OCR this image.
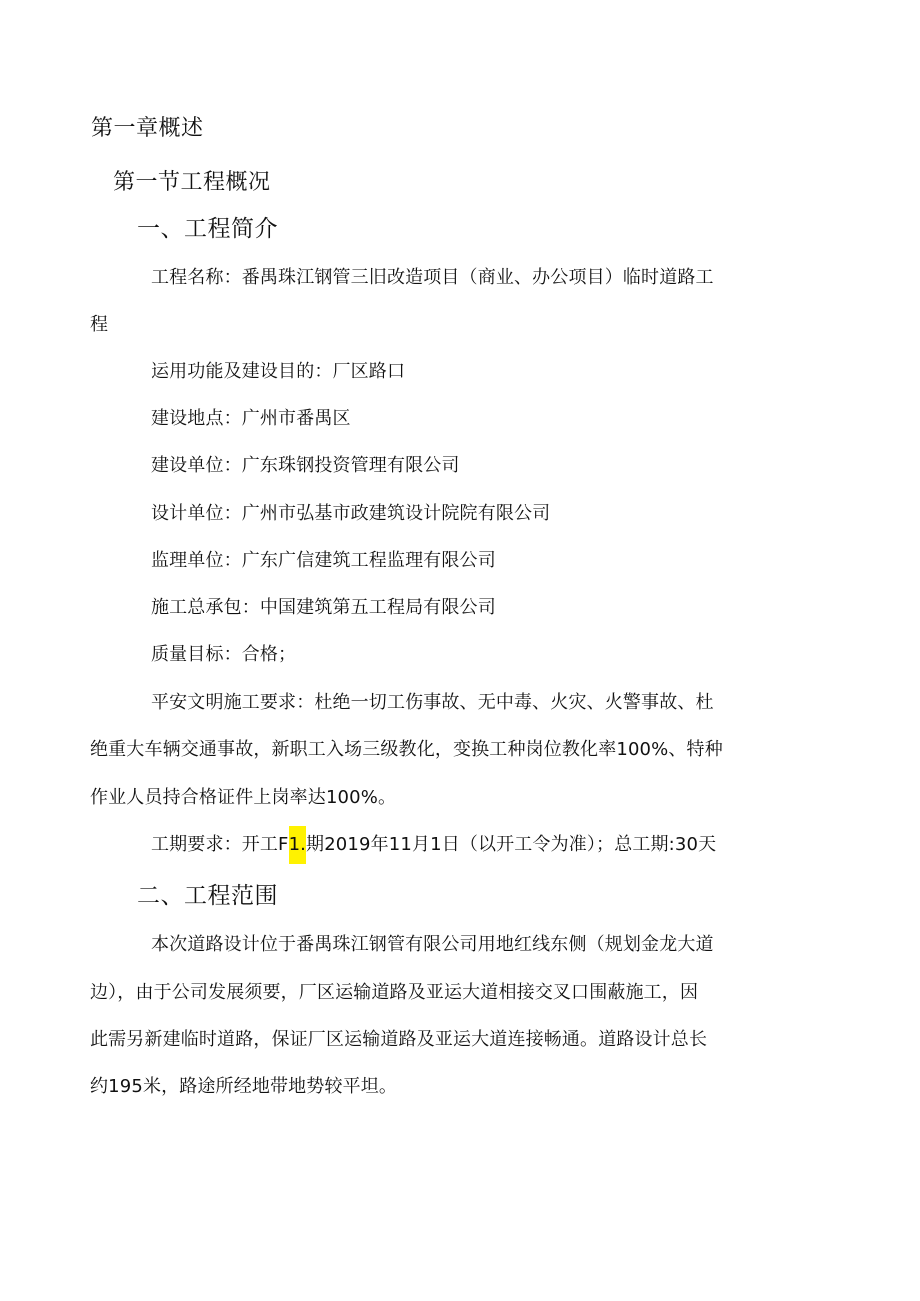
第一章概述
第一节工程概况
一、工程简介
工程名称：番禺珠江钢管三旧改造项目（商业、办公项目）临时道路工
程
运用功能及建设目的：厂区路口
建设地点：广州市番禺区
建设单位：广东珠钢投资管理有限公司
设计单位：广州市弘基市政建筑设计院院有限公司
监理单位：广东广信建筑工程监理有限公司
施工总承包：中国建筑第五工程局有限公司
质量目标：合格；
平安文明施工要求：杜绝一切工伤事故、无中毒、火灾、火警事故、杜
绝重大车辆交通事故，新职工入场三级教化，变换工种岗位教化率100%、特种
作业人员持合格证件上岗率达100%。
工期要求：开工F1.期2019年11月1日（以开工令为准）；总工期:30天
二、工程范围
本次道路设计位于番禺珠江钢管有限公司用地红线东侧（规划金龙大道
边），由于公司发展须要，厂区运输道路及亚运大道相接交叉口围蔽施工，因
此需另新建临时道路，保证厂区运输道路及亚运大道连接畅通。道路设计总长
约195米，路途所经地带地势较平坦。
